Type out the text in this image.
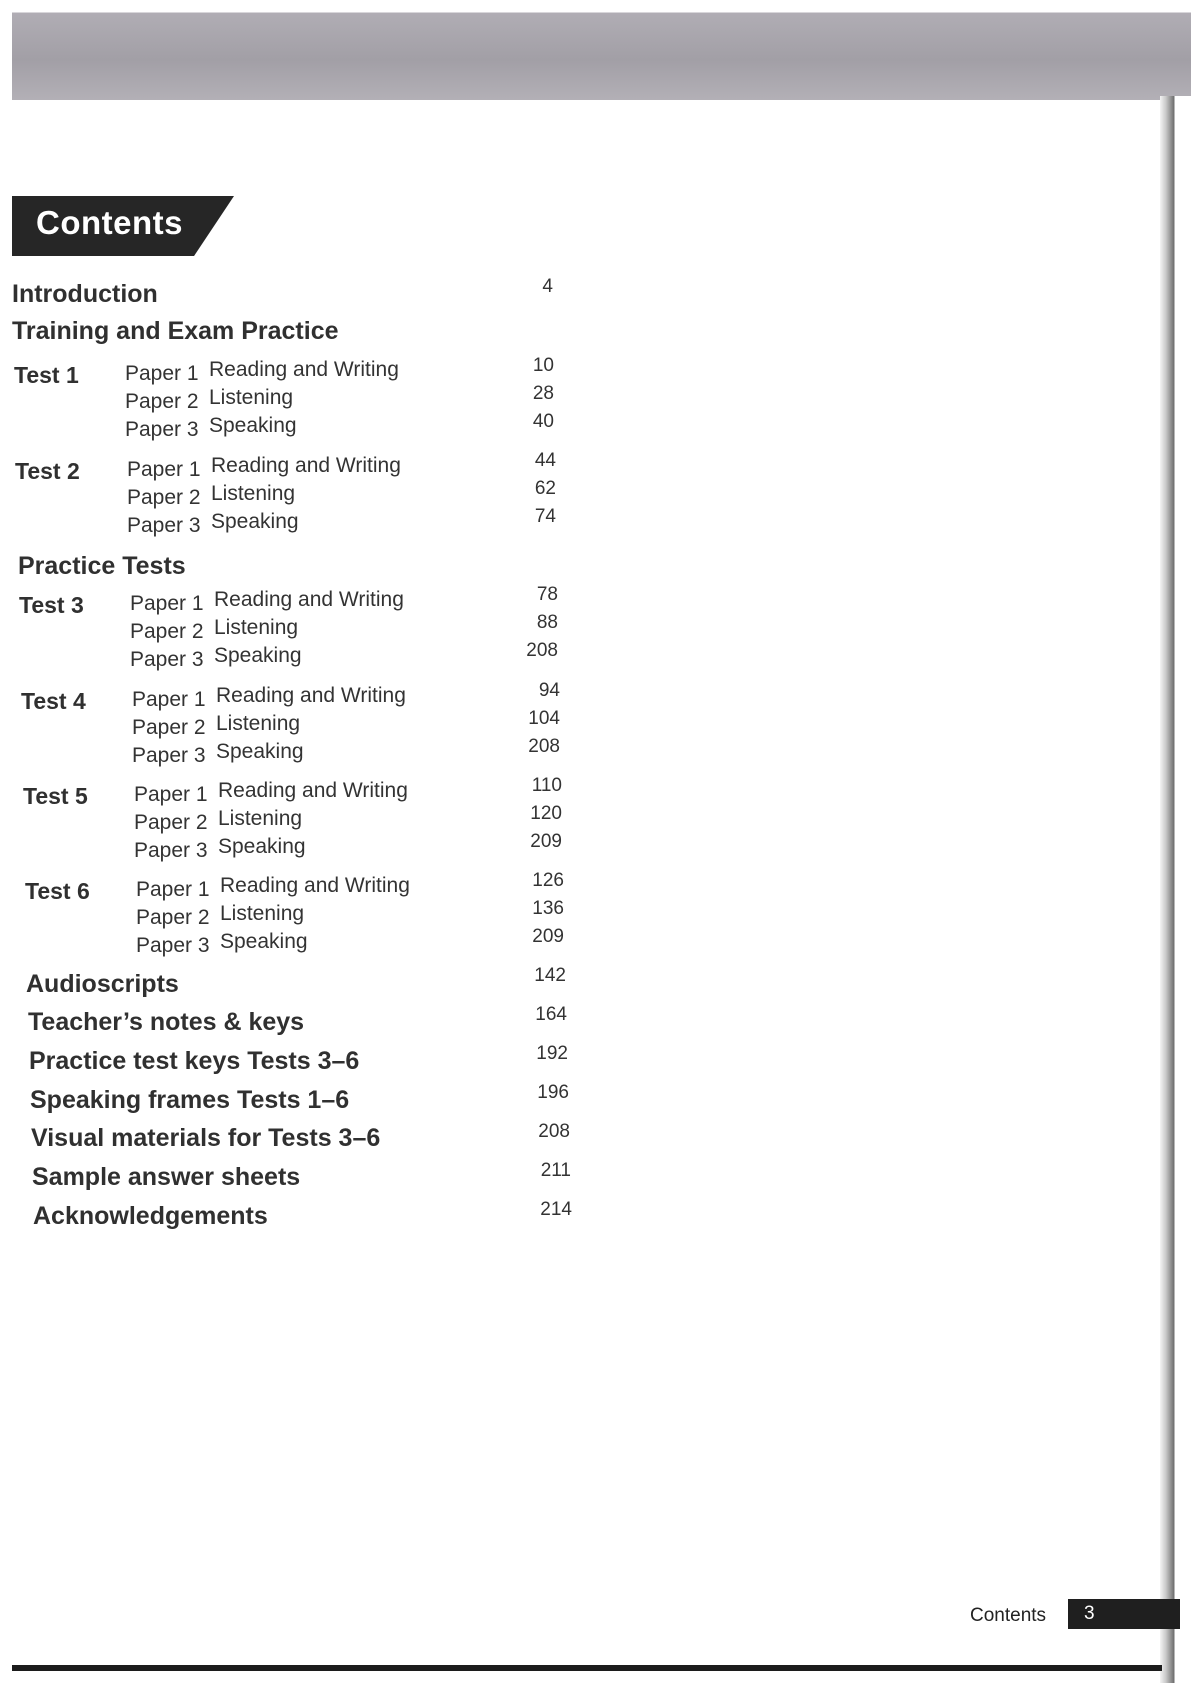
Contents
Introduction	4
Training and Exam Practice
Test 1 Paper 1 Reading and Writing	10
Paper 2 Listening	28
Paper 3 Speaking	40
Test 2 Paper 1 Reading and Writing	44
Paper 2 Listening	62
Paper 3 Speaking	74
Practice Tests
Test 3 Paper 1 Reading and Writing	78
Paper 2 Listening	88
Paper 3 Speaking	208
Test 4 Paper 1 Reading and Writing	94
Paper 2 Listening	104
Paper 3 Speaking	208
Test 5 Paper 1 Reading and Writing	110
Paper 2 Listening	120
Paper 3 Speaking	209
Test 6 Paper 1 Reading and Writing	126
Paper 2 Listening	136
Paper 3 Speaking	209
Audioscripts	142
Teacher’s notes & keys	164
Practice test keys Tests 3–6	192
Speaking frames Tests 1–6	196
Visual materials for Tests 3–6	208
Sample answer sheets	211
Acknowledgements	214
Contents 3
